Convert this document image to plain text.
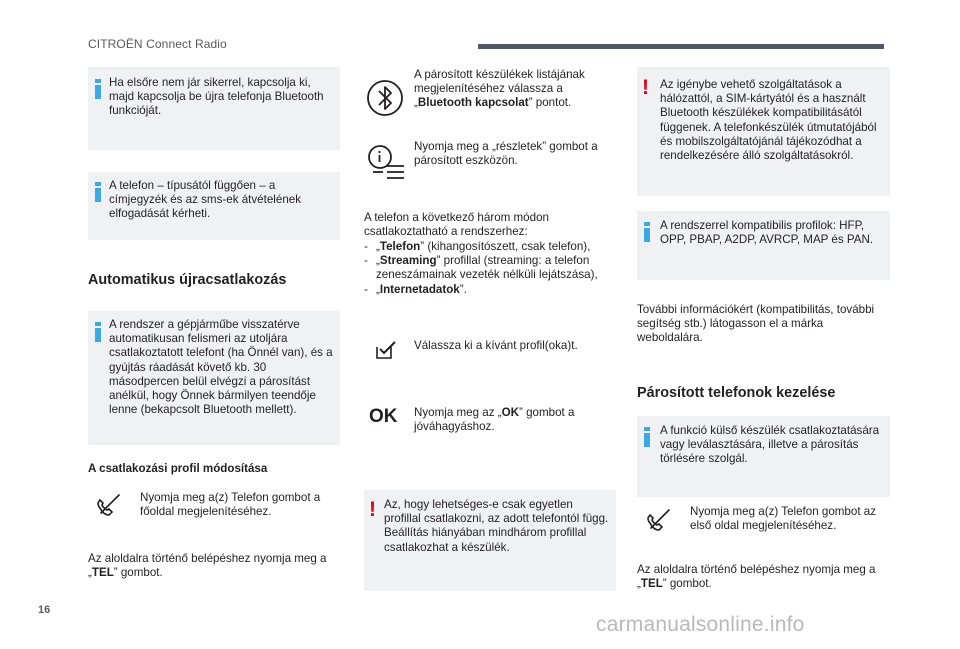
CITROËN Connect Radio
Ha elsőre nem jár sikerrel, kapcsolja ki, majd kapcsolja be újra telefonja Bluetooth funkcióját.
A telefon – típusától függően – a címjegyzék és az sms-ek átvételének elfogadását kérheti.
Automatikus újracsatlakozás
A rendszer a gépjárműbe visszatérve automatikusan felismeri az utoljára csatlakoztatott telefont (ha Önnél van), és a gyújtás ráadását követő kb. 30 másodpercen belül elvégzi a párosítást anélkül, hogy Önnek bármilyen teendője lenne (bekapcsolt Bluetooth mellett).
A csatlakozási profil módosítása
Nyomja meg a(z) Telefon gombot a főoldal megjelenítéséhez.
Az aloldalra történő belépéshez nyomja meg a „TEL” gombot.
A párosított készülékek listájának megjelenítéséhez válassza a „Bluetooth kapcsolat” pontot.
Nyomja meg a „részletek” gombot a párosított eszközön.
A telefon a következő három módon csatlakoztatható a rendszerhez:
- „Telefon” (kihangosítószett, csak telefon),
- „Streaming” profillal (streaming: a telefon zeneszámainak vezeték nélküli lejátszása),
- „Internetadatok”.
Válassza ki a kívánt profil(oka)t.
OK Nyomja meg az „OK” gombot a jóváhagyáshoz.
! Az, hogy lehetséges-e csak egyetlen profillal csatlakozni, az adott telefontól függ. Beállítás hiányában mindhárom profillal csatlakozhat a készülék.
! Az igénybe vehető szolgáltatások a hálózattól, a SIM-kártyától és a használt Bluetooth készülékek kompatibilitásától függenek. A telefonkészülék útmutatójából és mobilszolgáltatójánál tájékozódhat a rendelkezésére álló szolgáltatásokról.
A rendszerrel kompatibilis profilok: HFP, OPP, PBAP, A2DP, AVRCP, MAP és PAN.
További információkért (kompatibilitás, további segítség stb.) látogasson el a márka weboldalára.
Párosított telefonok kezelése
A funkció külső készülék csatlakoztatására vagy leválasztására, illetve a párosítás törlésére szolgál.
Nyomja meg a(z) Telefon gombot az első oldal megjelenítéséhez.
Az aloldalra történő belépéshez nyomja meg a „TEL” gombot.
16
carmanualsonline.info
